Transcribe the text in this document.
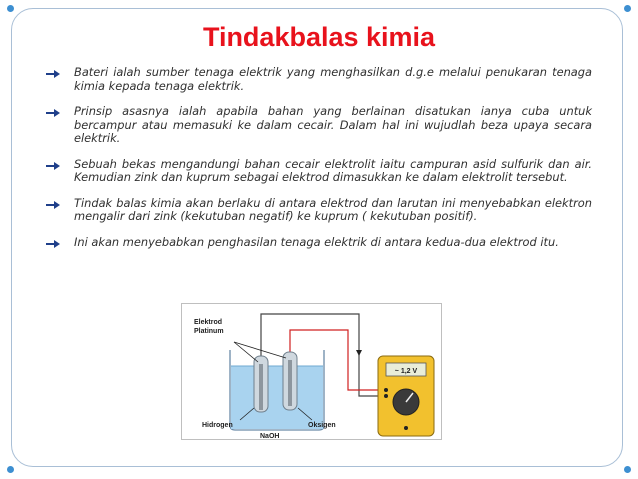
Tindakbalas kimia
Bateri ialah sumber tenaga elektrik yang menghasilkan d.g.e melalui penukaran tenaga kimia kepada tenaga elektrik.
Prinsip asasnya ialah apabila bahan yang berlainan disatukan ianya cuba untuk bercampur atau memasuki ke dalam cecair. Dalam hal ini wujudlah beza upaya secara elektrik.
Sebuah bekas mengandungi bahan cecair elektrolit iaitu campuran asid sulfurik dan air. Kemudian zink dan kuprum sebagai elektrod dimasukkan ke dalam elektrolit tersebut.
Tindak balas kimia akan berlaku di antara elektrod dan larutan ini menyebabkan elektron mengalir dari zink (kekutuban negatif) ke kuprum ( kekutuban positif).
Ini akan menyebabkan penghasilan tenaga elektrik di antara kedua-dua elektrod itu.
Elektrod
Platinum
Hidrogen
NaOH
Oksigen
~ 1,2 V
